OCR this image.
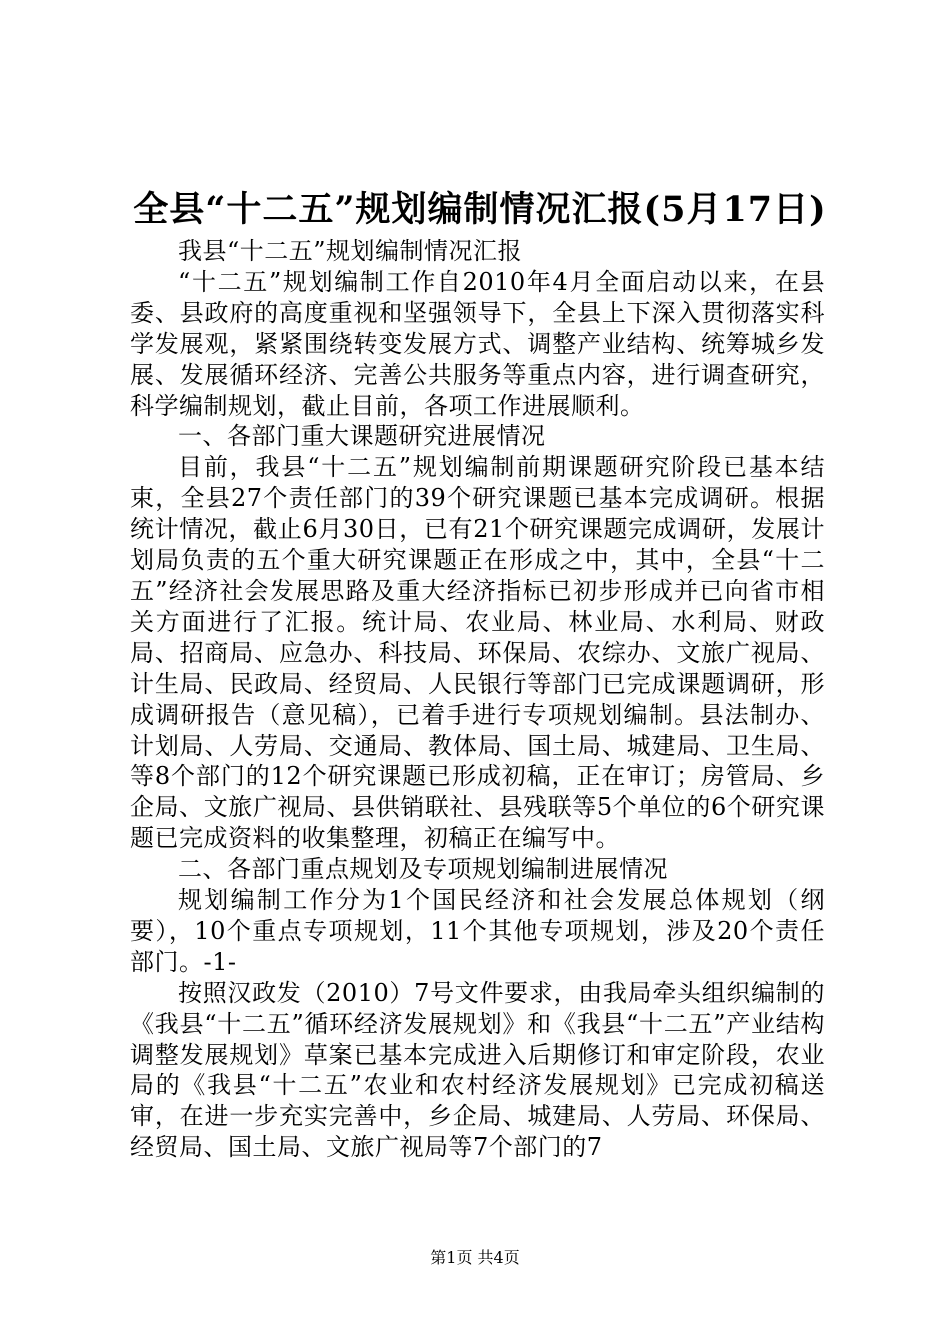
全县“十二五”规划编制情况汇报(5月17日)

我县“十二五”规划编制情况汇报

“十二五”规划编制工作自2010年4月全面启动以来，在县委、县政府的高度重视和坚强领导下，全县上下深入贯彻落实科学发展观，紧紧围绕转变发展方式、调整产业结构、统筹城乡发展、发展循环经济、完善公共服务等重点内容，进行调查研究，科学编制规划，截止目前，各项工作进展顺利。

一、各部门重大课题研究进展情况

目前，我县“十二五”规划编制前期课题研究阶段已基本结束，全县27个责任部门的39个研究课题已基本完成调研。根据统计情况，截止6月30日，已有21个研究课题完成调研，发展计划局负责的五个重大研究课题正在形成之中，其中，全县“十二五”经济社会发展思路及重大经济指标已初步形成并已向省市相关方面进行了汇报。统计局、农业局、林业局、水利局、财政局、招商局、应急办、科技局、环保局、农综办、文旅广视局、计生局、民政局、经贸局、人民银行等部门已完成课题调研，形成调研报告（意见稿），已着手进行专项规划编制。县法制办、计划局、人劳局、交通局、教体局、国土局、城建局、卫生局、等8个部门的12个研究课题已形成初稿，正在审订；房管局、乡企局、文旅广视局、县供销联社、县残联等5个单位的6个研究课题已完成资料的收集整理，初稿正在编写中。

二、各部门重点规划及专项规划编制进展情况

规划编制工作分为1个国民经济和社会发展总体规划（纲要），10个重点专项规划，11个其他专项规划，涉及20个责任部门。-1-

按照汉政发（2010）7号文件要求，由我局牵头组织编制的《我县“十二五”循环经济发展规划》和《我县“十二五”产业结构调整发展规划》草案已基本完成进入后期修订和审定阶段，农业局的《我县“十二五”农业和农村经济发展规划》已完成初稿送审，在进一步充实完善中，乡企局、城建局、人劳局、环保局、经贸局、国土局、文旅广视局等7个部门的7

第1页 共4页
